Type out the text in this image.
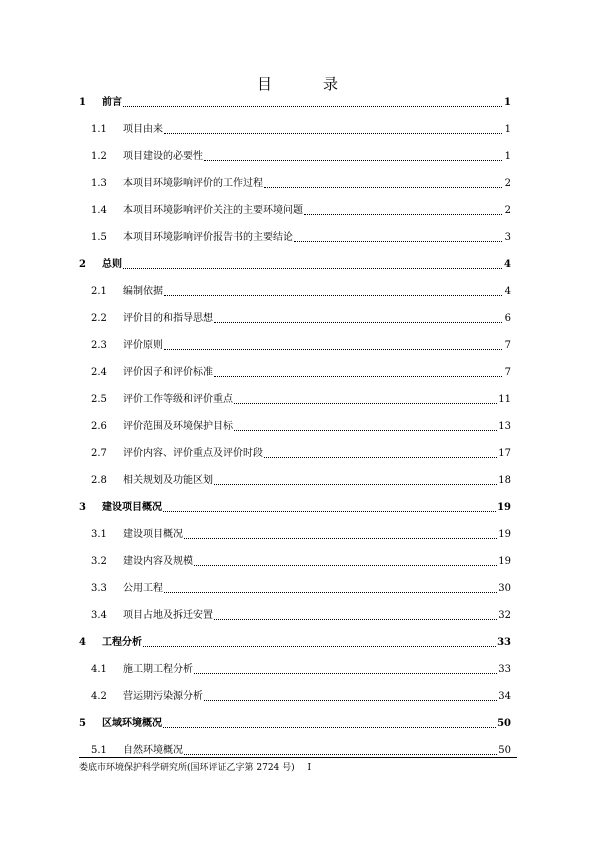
目　录
1	前言	1
1.1	项目由来	1
1.2	项目建设的必要性	1
1.3	本项目环境影响评价的工作过程	2
1.4	本项目环境影响评价关注的主要环境问题	2
1.5	本项目环境影响评价报告书的主要结论	3
2	总则	4
2.1	编制依据	4
2.2	评价目的和指导思想	6
2.3	评价原则	7
2.4	评价因子和评价标准	7
2.5	评价工作等级和评价重点	11
2.6	评价范围及环境保护目标	13
2.7	评价内容、评价重点及评价时段	17
2.8	相关规划及功能区划	18
3	建设项目概况	19
3.1	建设项目概况	19
3.2	建设内容及规模	19
3.3	公用工程	30
3.4	项目占地及拆迁安置	32
4	工程分析	33
4.1	施工期工程分析	33
4.2	营运期污染源分析	34
5	区域环境概况	50
5.1	自然环境概况	50
娄底市环境保护科学研究所(国环评证乙字第 2724 号) I
